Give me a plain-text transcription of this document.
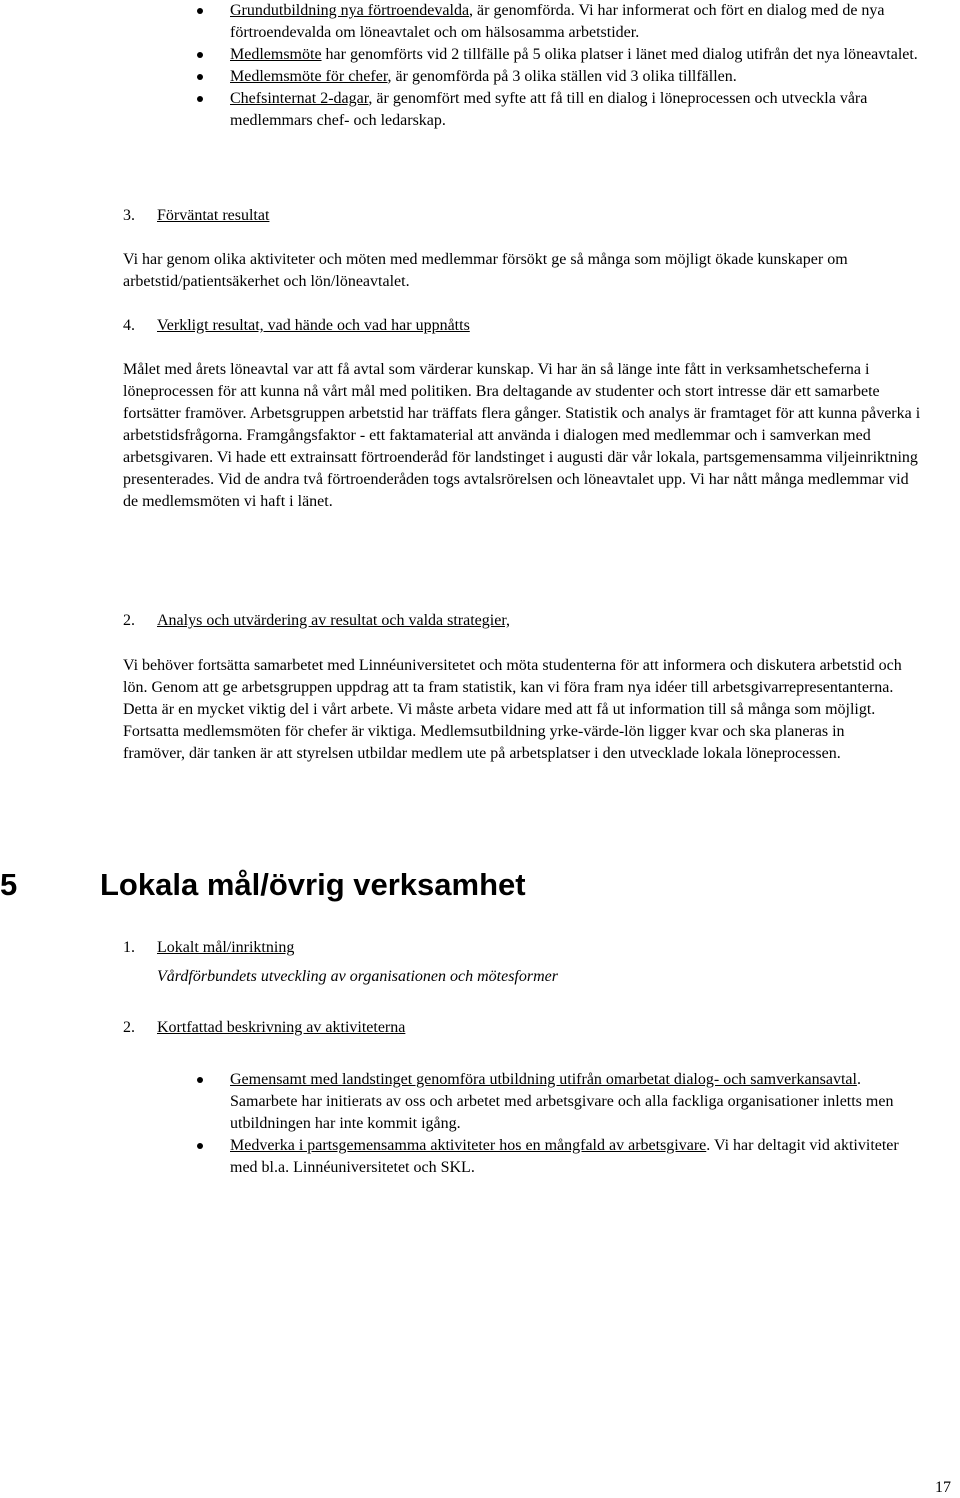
Grundutbildning nya förtroendevalda, är genomförda. Vi har informerat och fört en dialog med de nya förtroendevalda om löneavtalet och om hälsosamma arbetstider.
Medlemsmöte har genomförts vid 2 tillfälle på 5 olika platser i länet med dialog utifrån det nya löneavtalet.
Medlemsmöte för chefer, är genomförda på 3 olika ställen vid 3 olika tillfällen.
Chefsinternat 2-dagar, är genomfört med syfte att få till en dialog i löneprocessen och utveckla våra medlemmars chef- och ledarskap.
3. Förväntat resultat
Vi har genom olika aktiviteter och möten med medlemmar försökt ge så många som möjligt ökade kunskaper om arbetstid/patientsäkerhet och lön/löneavtalet.
4. Verkligt resultat, vad hände och vad har uppnåtts
Målet med årets löneavtal var att få avtal som värderar kunskap. Vi har än så länge inte fått in verksamhetscheferna i löneprocessen för att kunna nå vårt mål med politiken. Bra deltagande av studenter och stort intresse där ett samarbete fortsätter framöver. Arbetsgruppen arbetstid har träffats flera gånger. Statistik och analys är framtaget för att kunna påverka i arbetstidsfrågorna. Framgångsfaktor - ett faktamaterial att använda i dialogen med medlemmar och i samverkan med arbetsgivaren. Vi hade ett extrainsatt förtroenderåd för landstinget i augusti där vår lokala, partsgemensamma viljeinriktning presenterades. Vid de andra två förtroenderåden togs avtalsrörelsen och löneavtalet upp. Vi har nått många medlemmar vid de medlemsmöten vi haft i länet.
2. Analys och utvärdering av resultat och valda strategier,
Vi behöver fortsätta samarbetet med Linnéuniversitetet och möta studenterna för att informera och diskutera arbetstid och lön. Genom att ge arbetsgruppen uppdrag att ta fram statistik, kan vi föra fram nya idéer till arbetsgivarrepresentanterna. Detta är en mycket viktig del i vårt arbete. Vi måste arbeta vidare med att få ut information till så många som möjligt. Fortsatta medlemsmöten för chefer är viktiga. Medlemsutbildning yrke-värde-lön ligger kvar och ska planeras in framöver, där tanken är att styrelsen utbildar medlem ute på arbetsplatser i den utvecklade lokala löneprocessen.
5	Lokala mål/övrig verksamhet
1. Lokalt mål/inriktning
Vårdförbundets utveckling av organisationen och mötesformer
2. Kortfattad beskrivning av aktiviteterna
Gemensamt med landstinget genomföra utbildning utifrån omarbetat dialog- och samverkansavtal. Samarbete har initierats av oss och arbetet med arbetsgivare och alla fackliga organisationer inletts men utbildningen har inte kommit igång.
Medverka i partsgemensamma aktiviteter hos en mångfald av arbetsgivare. Vi har deltagit vid aktiviteter med bl.a. Linnéuniversitetet och SKL.
17
